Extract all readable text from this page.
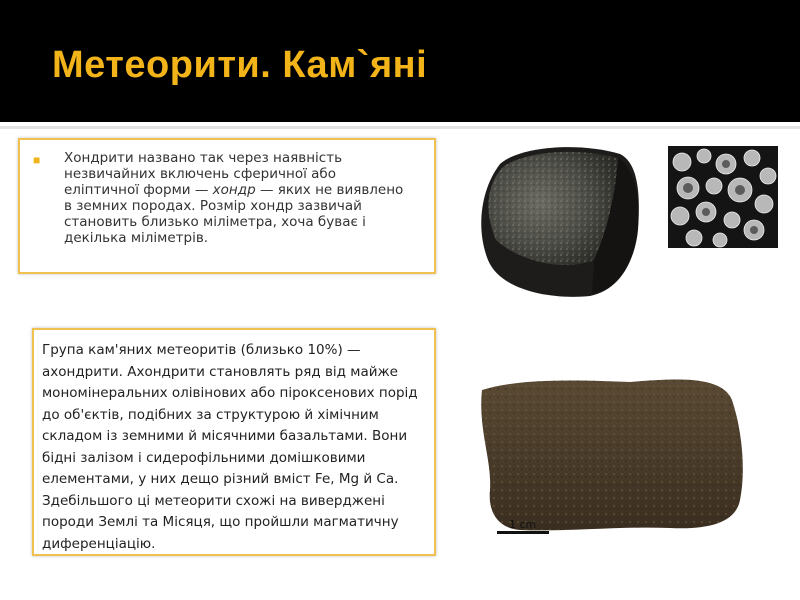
Метеорити. Кам`яні
■ Хондрити названо так через наявність незвичайних включень сферичної або еліптичної форми — хондр — яких не виявлено в земних породах. Розмір хондр зазвичай становить близько міліметра, хоча буває і декілька міліметрів.
Група кам'яних метеоритів (близько 10%) — ахондрити. Ахондрити становлять ряд від майже мономінеральних олівінових або піроксенових порід до об'єктів, подібних за структурою й хімічним складом із земними й місячними базальтами. Вони бідні залізом і сидерофільними домішковими елементами, у них дещо різний вміст Fe, Mg й Ca. Здебільшого ці метеорити схожі на виверджені породи Землі та Місяця, що пройшли магматичну диференціацію.
1 cm
